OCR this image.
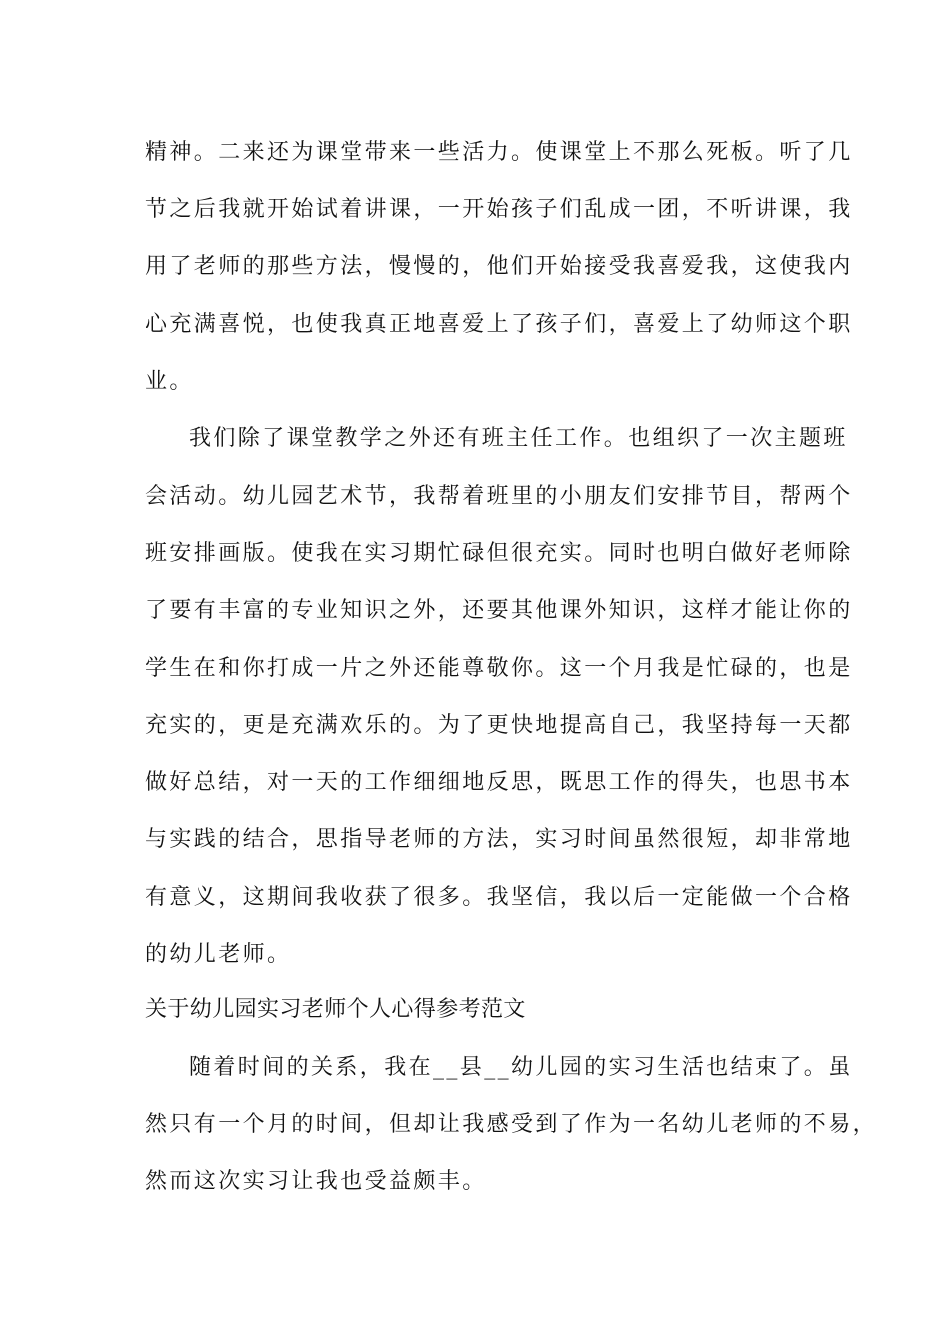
精神。二来还为课堂带来一些活力。使课堂上不那么死板。听了几
节之后我就开始试着讲课，一开始孩子们乱成一团，不听讲课，我
用了老师的那些方法，慢慢的，他们开始接受我喜爱我，这使我内
心充满喜悦，也使我真正地喜爱上了孩子们，喜爱上了幼师这个职
业。
我们除了课堂教学之外还有班主任工作。也组织了一次主题班
会活动。幼儿园艺术节，我帮着班里的小朋友们安排节目，帮两个
班安排画版。使我在实习期忙碌但很充实。同时也明白做好老师除
了要有丰富的专业知识之外，还要其他课外知识，这样才能让你的
学生在和你打成一片之外还能尊敬你。这一个月我是忙碌的，也是
充实的，更是充满欢乐的。为了更快地提高自己，我坚持每一天都
做好总结，对一天的工作细细地反思，既思工作的得失，也思书本
与实践的结合，思指导老师的方法，实习时间虽然很短，却非常地
有意义，这期间我收获了很多。我坚信，我以后一定能做一个合格
的幼儿老师。
关于幼儿园实习老师个人心得参考范文
随着时间的关系，我在__县__幼儿园的实习生活也结束了。虽
然只有一个月的时间，但却让我感受到了作为一名幼儿老师的不易，
然而这次实习让我也受益颇丰。
